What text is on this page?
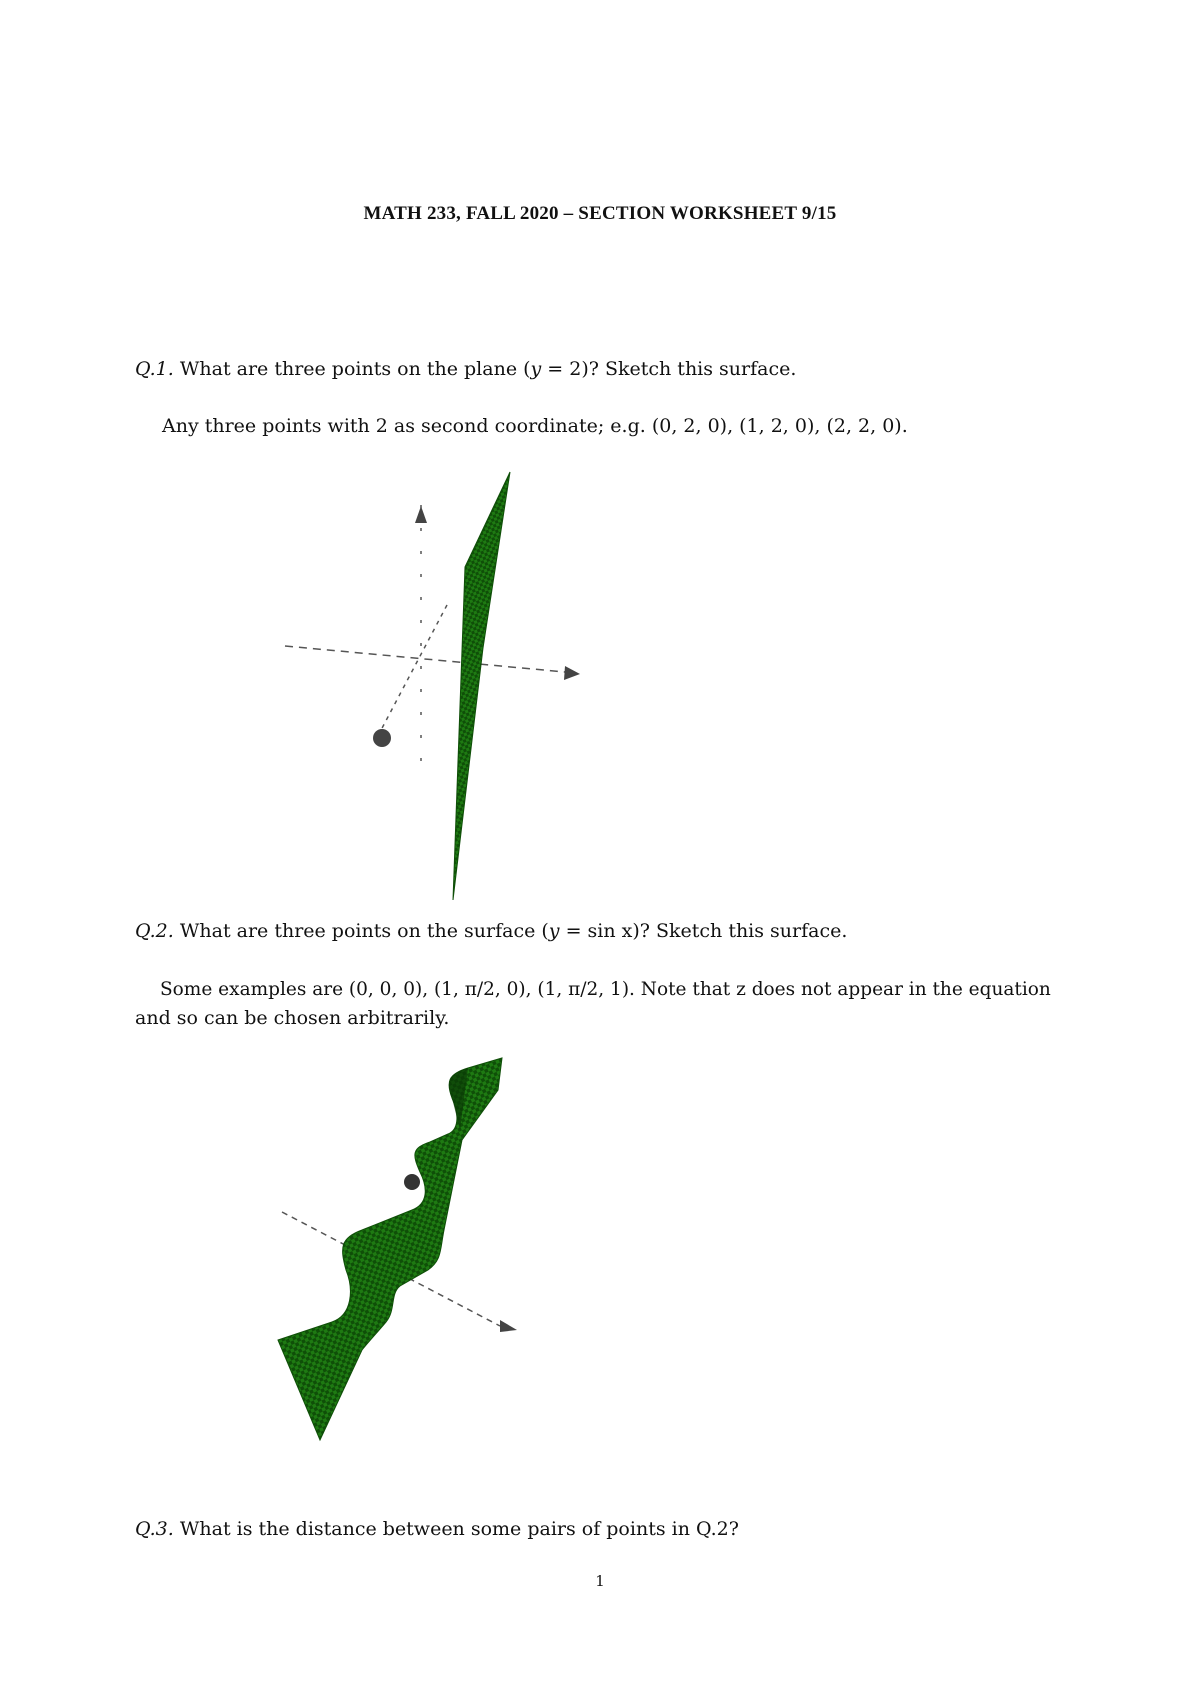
MATH 233, FALL 2020 – SECTION WORKSHEET 9/15
Q.1. What are three points on the plane (y = 2)? Sketch this surface.
Any three points with 2 as second coordinate; e.g. (0, 2, 0), (1, 2, 0), (2, 2, 0).
Q.2. What are three points on the surface (y = sin x)? Sketch this surface.
Some examples are (0, 0, 0), (1, π/2, 0), (1, π/2, 1). Note that z does not appear in the equation
and so can be chosen arbitrarily.
Q.3. What is the distance between some pairs of points in Q.2?
1
